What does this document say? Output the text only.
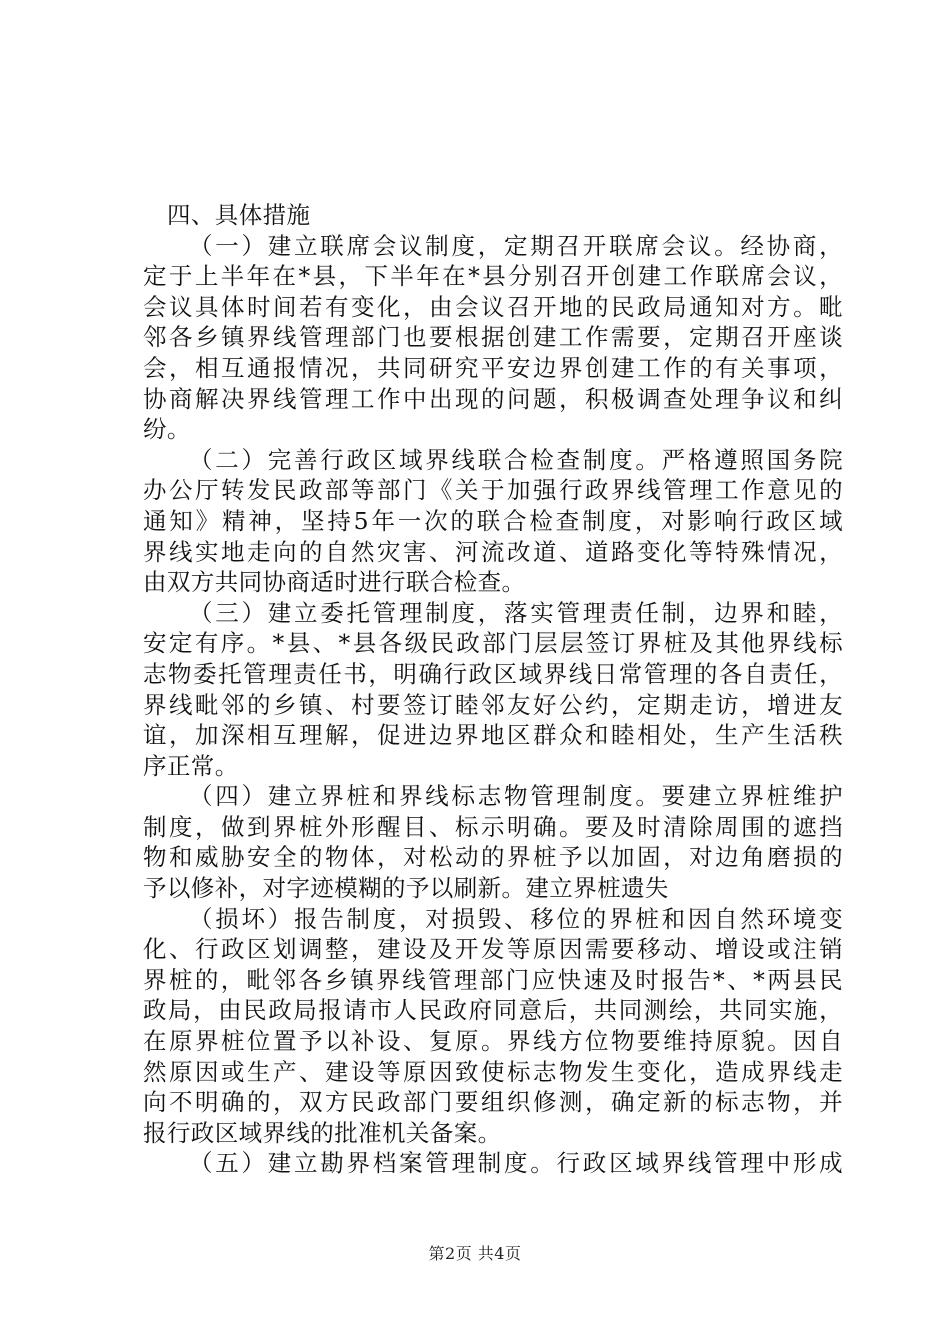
四、具体措施
（一）建立联席会议制度，定期召开联席会议。经协商，
定于上半年在*县，下半年在*县分别召开创建工作联席会议，
会议具体时间若有变化，由会议召开地的民政局通知对方。毗
邻各乡镇界线管理部门也要根据创建工作需要，定期召开座谈
会，相互通报情况，共同研究平安边界创建工作的有关事项，
协商解决界线管理工作中出现的问题，积极调查处理争议和纠
纷。
（二）完善行政区域界线联合检查制度。严格遵照国务院
办公厅转发民政部等部门《关于加强行政界线管理工作意见的
通知》精神，坚持5年一次的联合检查制度，对影响行政区域
界线实地走向的自然灾害、河流改道、道路变化等特殊情况，
由双方共同协商适时进行联合检查。
（三）建立委托管理制度，落实管理责任制，边界和睦，
安定有序。*县、*县各级民政部门层层签订界桩及其他界线标
志物委托管理责任书，明确行政区域界线日常管理的各自责任，
界线毗邻的乡镇、村要签订睦邻友好公约，定期走访，增进友
谊，加深相互理解，促进边界地区群众和睦相处，生产生活秩
序正常。
（四）建立界桩和界线标志物管理制度。要建立界桩维护
制度，做到界桩外形醒目、标示明确。要及时清除周围的遮挡
物和威胁安全的物体，对松动的界桩予以加固，对边角磨损的
予以修补，对字迹模糊的予以刷新。建立界桩遗失
（损坏）报告制度，对损毁、移位的界桩和因自然环境变
化、行政区划调整，建设及开发等原因需要移动、增设或注销
界桩的，毗邻各乡镇界线管理部门应快速及时报告*、*两县民
政局，由民政局报请市人民政府同意后，共同测绘，共同实施，
在原界桩位置予以补设、复原。界线方位物要维持原貌。因自
然原因或生产、建设等原因致使标志物发生变化，造成界线走
向不明确的，双方民政部门要组织修测，确定新的标志物，并
报行政区域界线的批准机关备案。
（五）建立勘界档案管理制度。行政区域界线管理中形成
第2页 共4页
